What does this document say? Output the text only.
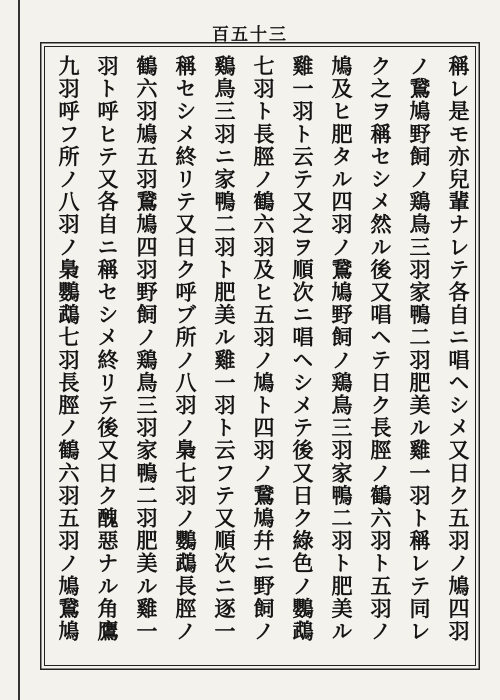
百五十三
稱レ是モ亦兒輩ナレテ各自ニ唱ヘシメ又日ク五羽ノ鳩四羽
ノ鵞鳩野飼ノ鶏鳥三羽家鴨二羽肥美ル雞一羽ト稱レテ同レ
ク之ヲ稱セシメ然ル後又唱ヘテ日ク長脛ノ鶴六羽ト五羽ノ
鳩及ヒ肥タル四羽ノ鵞鳩野飼ノ鶏鳥三羽家鴨二羽ト肥美ル
雞一羽ト云テ又之ヲ順次ニ唱ヘシメテ後又日ク綠色ノ鸚鵡
七羽ト長脛ノ鶴六羽及ヒ五羽ノ鳩ト四羽ノ鵞鳩幷ニ野飼ノ
鷄鳥三羽ニ家鴨二羽ト肥美ル雞一羽ト云フテ又順次ニ逐一
稱セシメ終リテ又日ク呼ブ所ノ八羽ノ梟七羽ノ鸚鵡長脛ノ
鶴六羽鳩五羽鵞鳩四羽野飼ノ鶏鳥三羽家鴨二羽肥美ル雞一
羽ト呼ヒテ又各自ニ稱セシメ終リテ後又日ク醜惡ナル角鷹
九羽呼フ所ノ八羽ノ梟鸚鵡七羽長脛ノ鶴六羽五羽ノ鳩鵞鳩
